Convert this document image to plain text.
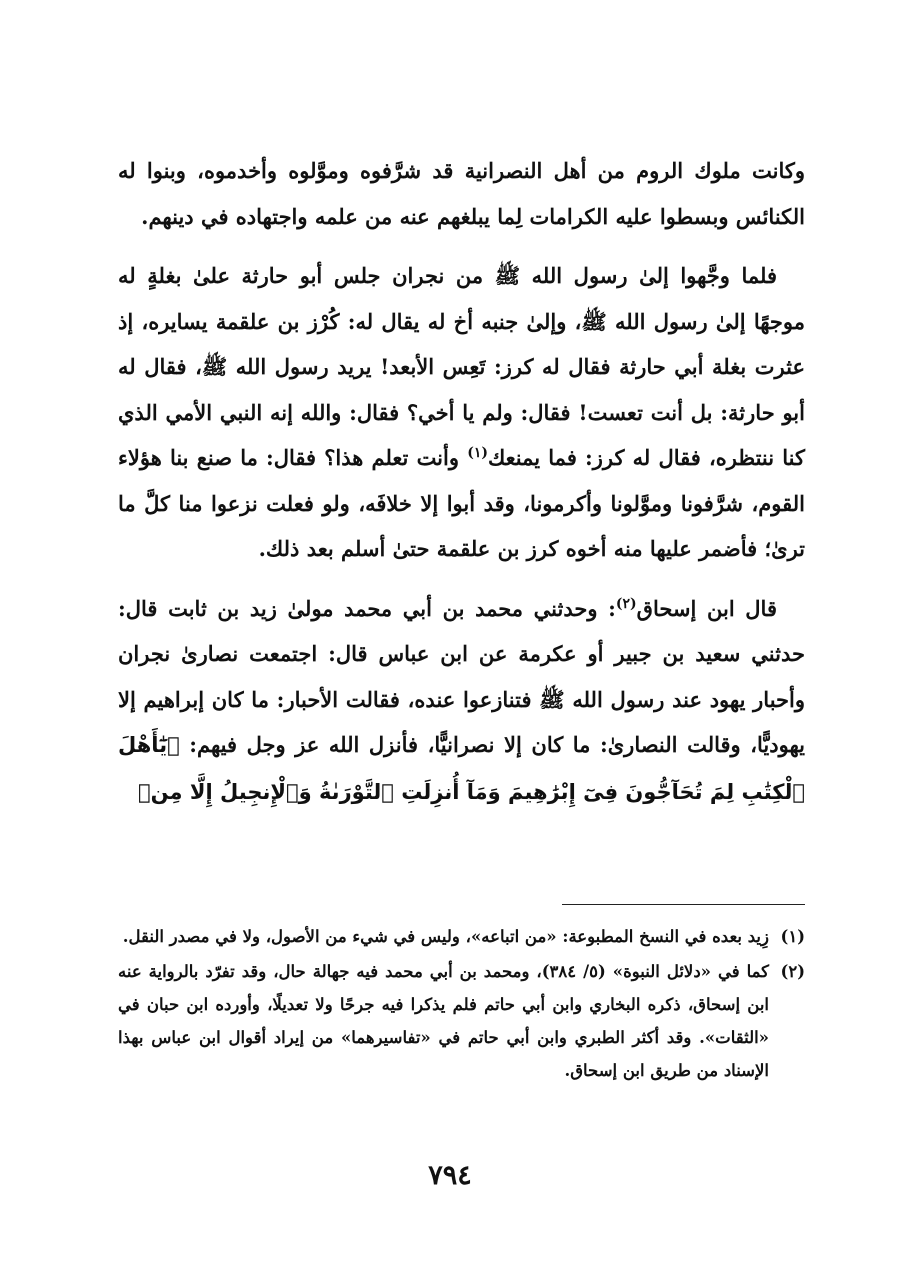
وكانت ملوك الروم من أهل النصرانية قد شرَّفوه وموَّلوه وأخدموه، وبنوا له الكنائس وبسطوا عليه الكرامات لِما يبلغهم عنه من علمه واجتهاده في دينهم.

فلما وجَّهوا إلىٰ رسول الله ﷺ من نجران جلس أبو حارثة علىٰ بغلةٍ له موجهًا إلىٰ رسول الله ﷺ، وإلىٰ جنبه أخ له يقال له: كُرْز بن علقمة يسايره، إذ عثرت بغلة أبي حارثة فقال له كرز: تَعِس الأبعد! يريد رسول الله ﷺ، فقال له أبو حارثة: بل أنت تعست! فقال: ولم يا أخي؟ فقال: والله إنه النبي الأمي الذي كنا ننتظره، فقال له كرز: فما يمنعك$^{(١)}$ وأنت تعلم هذا؟ فقال: ما صنع بنا هؤلاء القوم، شرَّفونا وموَّلونا وأكرمونا، وقد أبوا إلا خلافَه، ولو فعلت نزعوا منا كلَّ ما ترىٰ؛ فأضمر عليها منه أخوه كرز بن علقمة حتىٰ أسلم بعد ذلك.

قال ابن إسحاق$^{(٢)}$: وحدثني محمد بن أبي محمد مولىٰ زيد بن ثابت قال: حدثني سعيد بن جبير أو عكرمة عن ابن عباس قال: اجتمعت نصارىٰ نجران وأحبار يهود عند رسول الله ﷺ فتنازعوا عنده، فقالت الأحبار: ما كان إبراهيم إلا يهوديًّا، وقالت النصارىٰ: ما كان إلا نصرانيًّا، فأنزل الله عز وجل فيهم: ﴿يَٰٓأَهْلَ ٱلْكِتَٰبِ لِمَ تُحَآجُّونَ فِىٓ إِبْرَٰهِيمَ وَمَآ أُنزِلَتِ ٱلتَّوْرَىٰةُ وَٱلْإِنجِيلُ إِلَّا مِنۢ

(١)
زِيد بعده في النسخ المطبوعة: «من اتباعه»، وليس في شيء من الأصول، ولا في مصدر النقل.
(٢)
كما في «دلائل النبوة» (٥/ ٣٨٤)، ومحمد بن أبي محمد فيه جهالة حال، وقد تفرّد بالرواية عنه ابن إسحاق، ذكره البخاري وابن أبي حاتم فلم يذكرا فيه جرحًا ولا تعديلًا، وأورده ابن حبان في «الثقات». وقد أكثر الطبري وابن أبي حاتم في «تفاسيرهما» من إيراد أقوال ابن عباس بهذا الإسناد من طريق ابن إسحاق.
٧٩٤
